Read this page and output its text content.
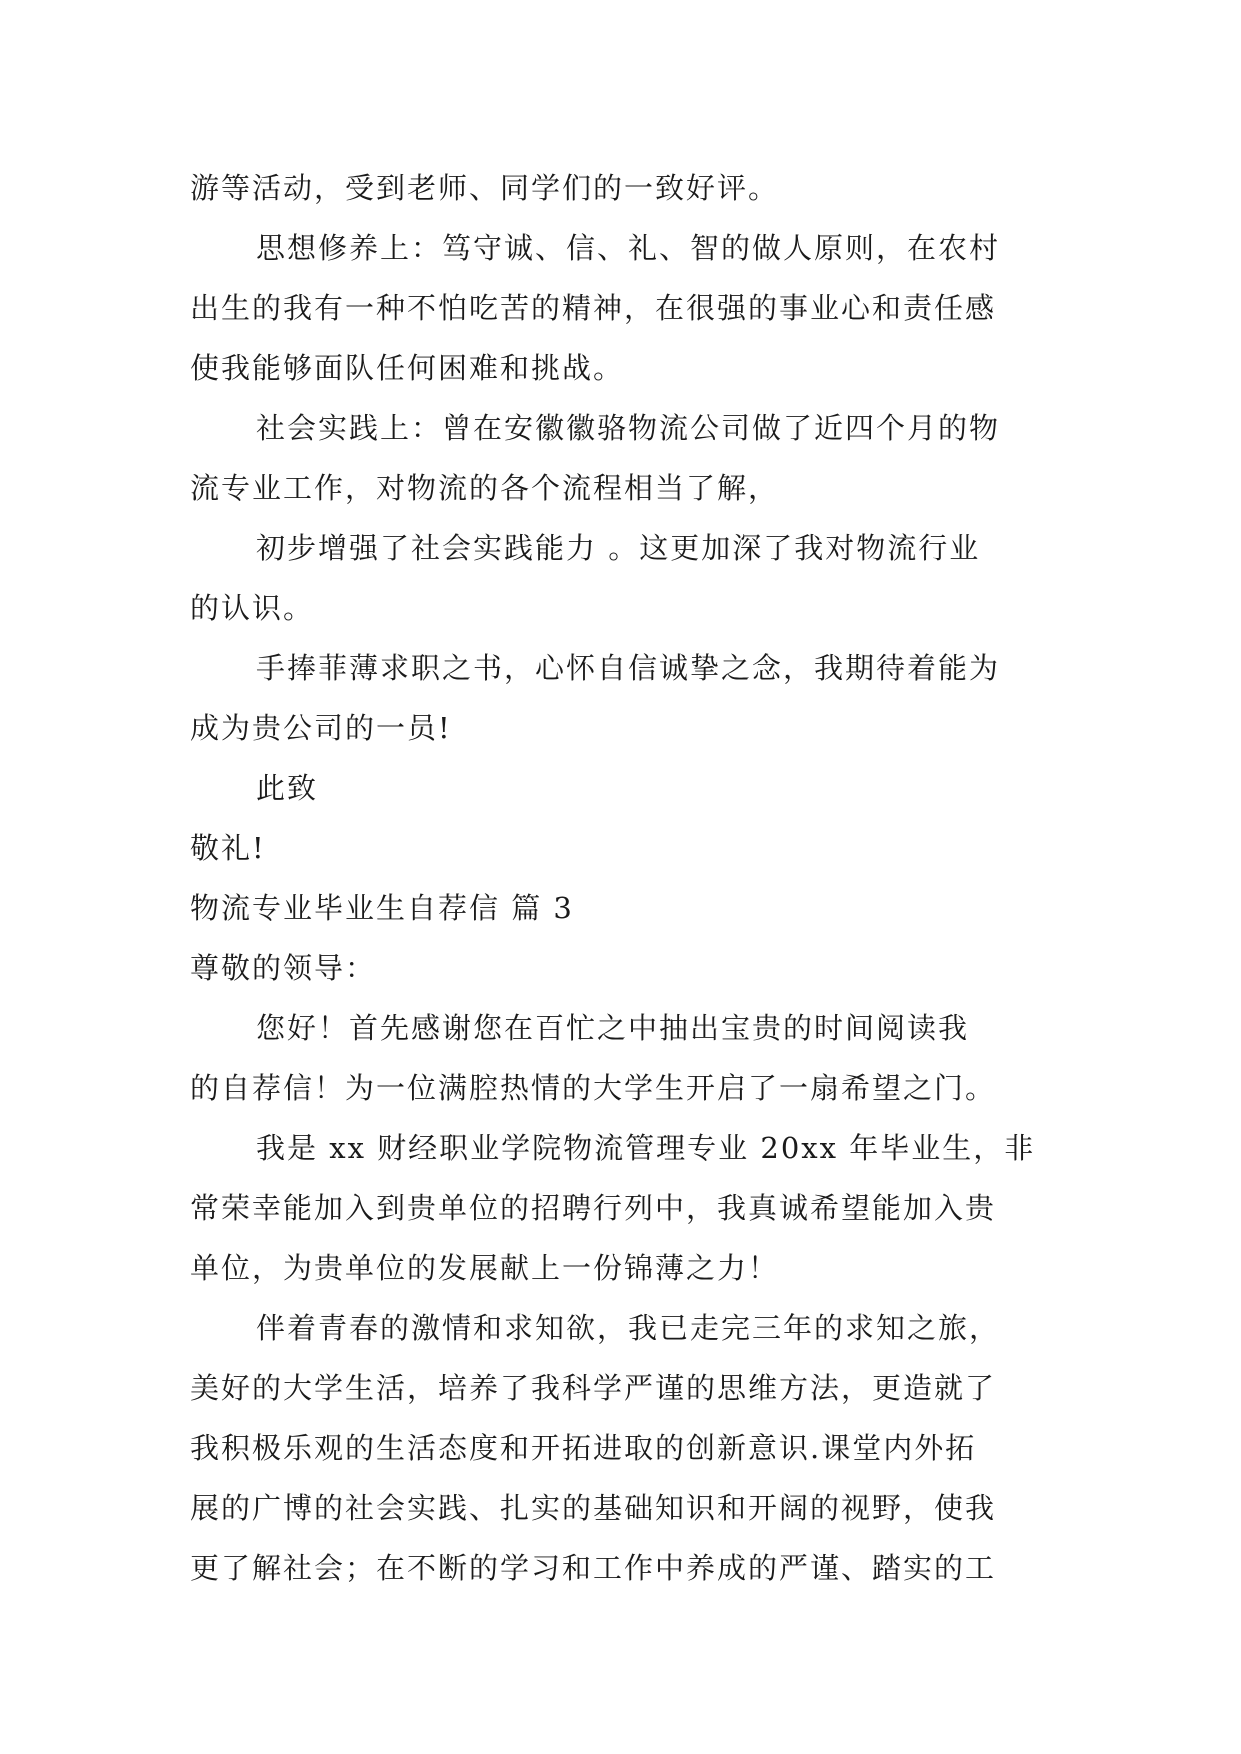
游等活动，受到老师、同学们的一致好评。
思想修养上：笃守诚、信、礼、智的做人原则，在农村
出生的我有一种不怕吃苦的精神，在很强的事业心和责任感
使我能够面队任何困难和挑战。
社会实践上：曾在安徽徽骆物流公司做了近四个月的物
流专业工作，对物流的各个流程相当了解，
初步增强了社会实践能力 。这更加深了我对物流行业
的认识。
手捧菲薄求职之书，心怀自信诚挚之念，我期待着能为
成为贵公司的一员!
此致
敬礼!
物流专业毕业生自荐信 篇 3
尊敬的领导：
您好！首先感谢您在百忙之中抽出宝贵的时间阅读我
的自荐信！为一位满腔热情的大学生开启了一扇希望之门。
我是 xx 财经职业学院物流管理专业 20xx 年毕业生，非
常荣幸能加入到贵单位的招聘行列中，我真诚希望能加入贵
单位，为贵单位的发展献上一份锦薄之力！
伴着青春的激情和求知欲，我已走完三年的求知之旅，
美好的大学生活，培养了我科学严谨的思维方法，更造就了
我积极乐观的生活态度和开拓进取的创新意识.课堂内外拓
展的广博的社会实践、扎实的基础知识和开阔的视野，使我
更了解社会；在不断的学习和工作中养成的严谨、踏实的工
